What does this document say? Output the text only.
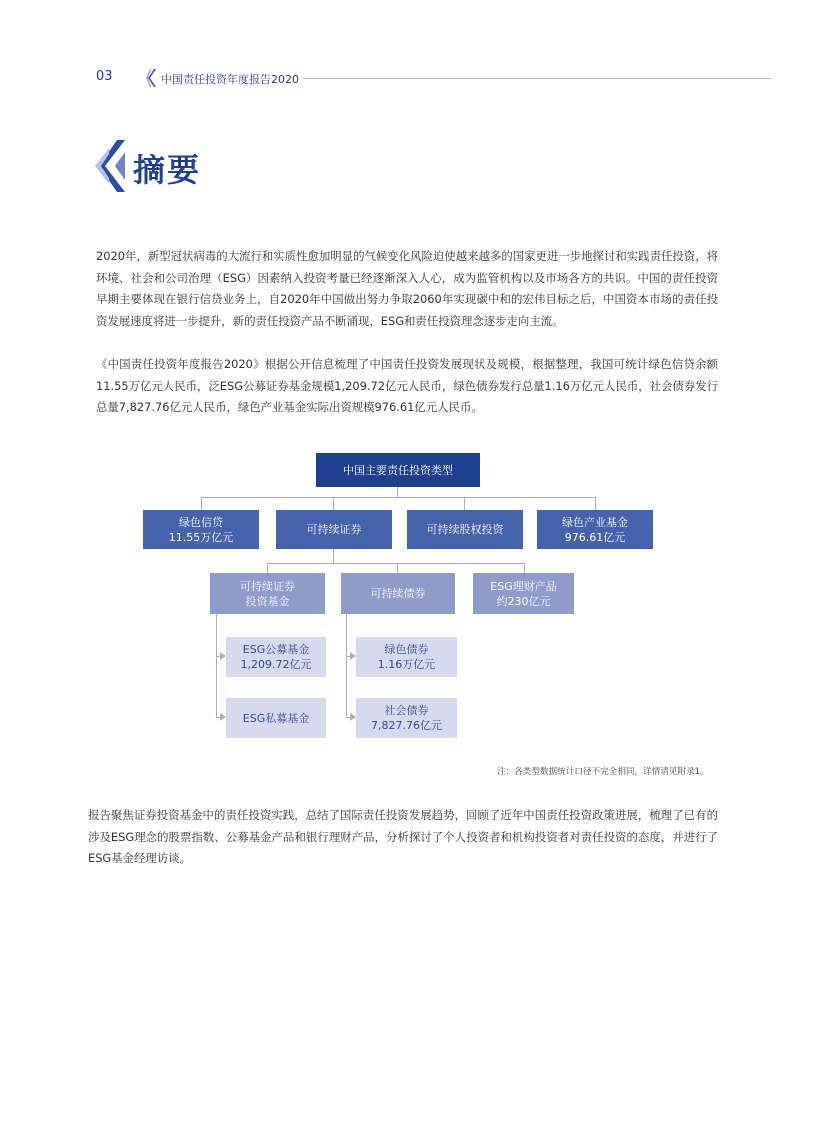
03	中国责任投资年度报告2020
摘要

2020年，新型冠状病毒的大流行和实质性愈加明显的气候变化风险迫使越来越多的国家更进一步地探讨和实践责任投资，将环境、社会和公司治理（ESG）因素纳入投资考量已经逐渐深入人心，成为监管机构以及市场各方的共识。中国的责任投资早期主要体现在银行信贷业务上，自2020年中国做出努力争取2060年实现碳中和的宏伟目标之后，中国资本市场的责任投资发展速度将进一步提升，新的责任投资产品不断涌现，ESG和责任投资理念逐步走向主流。

《中国责任投资年度报告2020》根据公开信息梳理了中国责任投资发展现状及规模，根据整理，我国可统计绿色信贷余额11.55万亿元人民币，泛ESG公募证券基金规模1,209.72亿元人民币，绿色债券发行总量1.16万亿元人民币，社会债券发行总量7,827.76亿元人民币，绿色产业基金实际出资规模976.61亿元人民币。

中国主要责任投资类型
绿色信贷
11.55万亿元
可持续证券	可持续股权投资
绿色产业基金
976.61亿元
可持续证券
投资基金
可持续债券
ESG理财产品
约230亿元
ESG公募基金
1,209.72亿元
ESG私募基金
绿色债券
1.16万亿元
社会债券
7,827.76亿元
注：各类型数据统计口径不完全相同，详情请见附录1。

报告聚焦证券投资基金中的责任投资实践，总结了国际责任投资发展趋势，回顾了近年中国责任投资政策进展，梳理了已有的涉及ESG理念的股票指数、公募基金产品和银行理财产品，分析探讨了个人投资者和机构投资者对责任投资的态度，并进行了ESG基金经理访谈。
